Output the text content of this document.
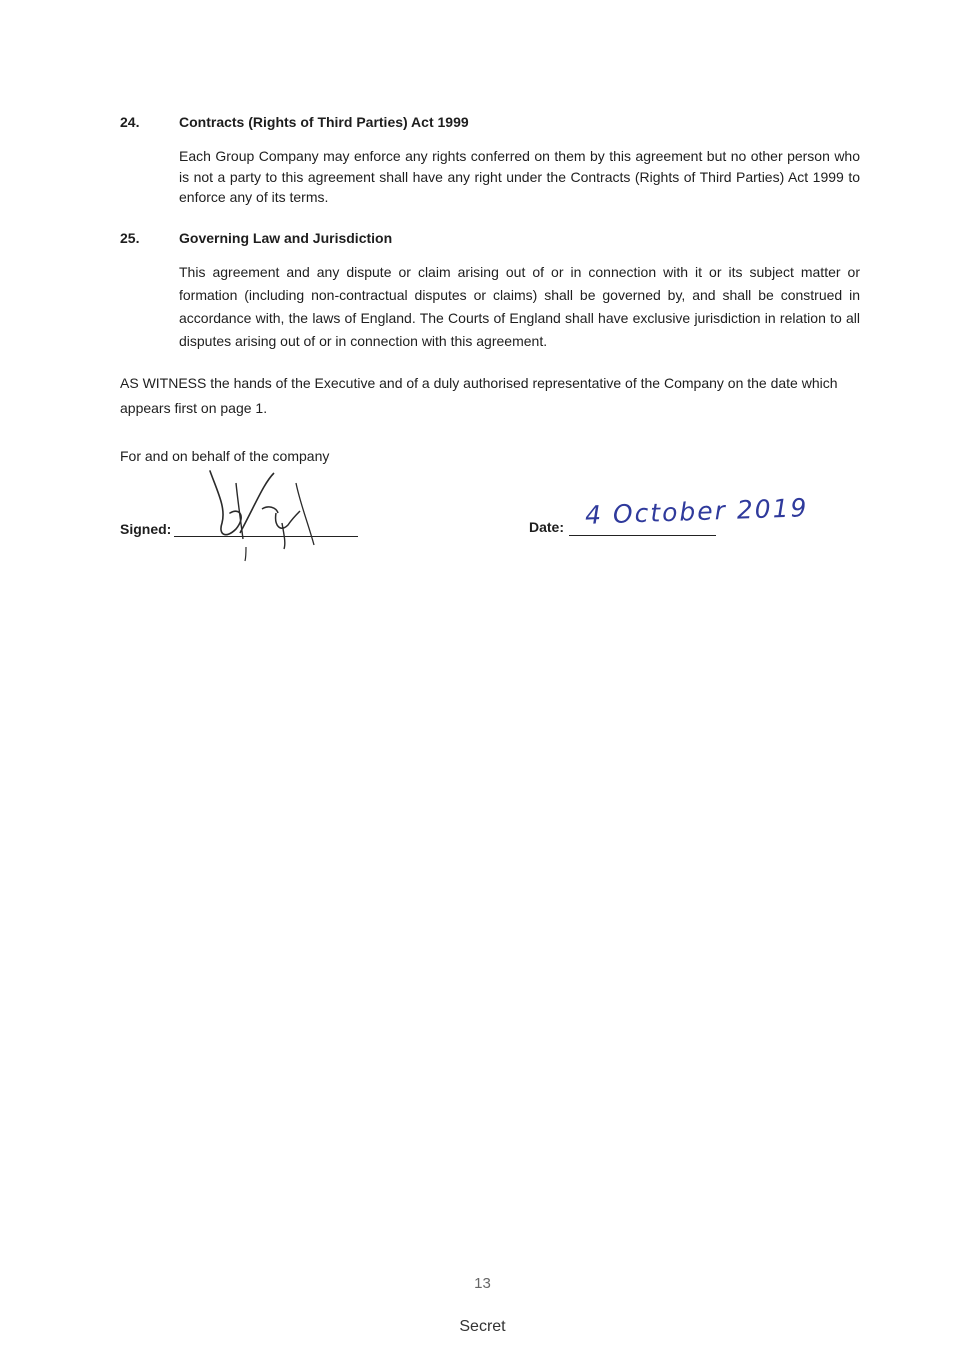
24.	Contracts (Rights of Third Parties) Act 1999
Each Group Company may enforce any rights conferred on them by this agreement but no other person who is not a party to this agreement shall have any right under the Contracts (Rights of Third Parties) Act 1999 to enforce any of its terms.
25.	Governing Law and Jurisdiction
This agreement and any dispute or claim arising out of or in connection with it or its subject matter or formation (including non-contractual disputes or claims) shall be governed by, and shall be construed in accordance with, the laws of England. The Courts of England shall have exclusive jurisdiction in relation to all disputes arising out of or in connection with this agreement.
AS WITNESS the hands of the Executive and of a duly authorised representative of the Company on the date which appears first on page 1.
For and on behalf of the company
Signed:	Date: 4 October 2019
13
Secret
